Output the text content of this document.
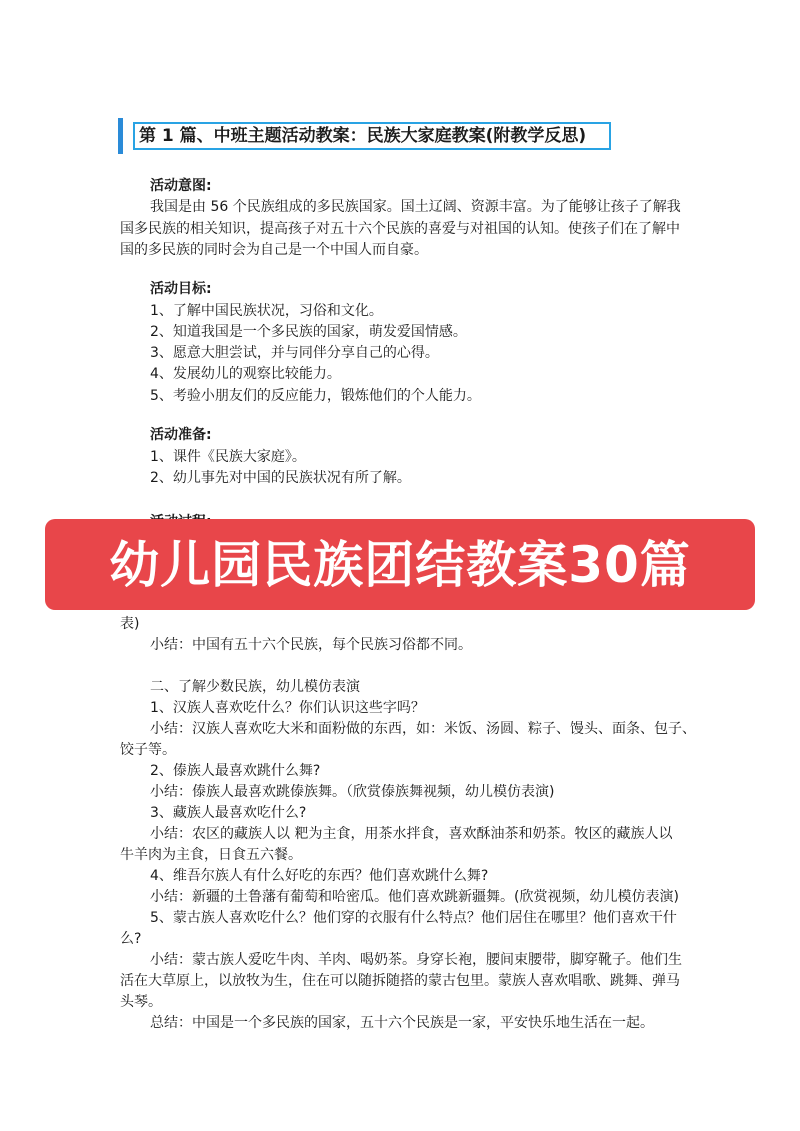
第 1 篇、中班主题活动教案：民族大家庭教案(附教学反思)
活动意图:
我国是由 56 个民族组成的多民族国家。国土辽阔、资源丰富。为了能够让孩子了解我
国多民族的相关知识，提高孩子对五十六个民族的喜爱与对祖国的认知。使孩子们在了解中
国的多民族的同时会为自己是一个中国人而自豪。
活动目标:
1、了解中国民族状况，习俗和文化。
2、知道我国是一个多民族的国家，萌发爱国情感。
3、愿意大胆尝试，并与同伴分享自己的心得。
4、发展幼儿的观察比较能力。
5、考验小朋友们的反应能力，锻炼他们的个人能力。
活动准备:
1、课件《民族大家庭》。
2、幼儿事先对中国的民族状况有所了解。
幼儿园民族团结教案30篇
表)
小结：中国有五十六个民族，每个民族习俗都不同。
二、了解少数民族，幼儿模仿表演
1、汉族人喜欢吃什么？你们认识这些字吗？
小结：汉族人喜欢吃大米和面粉做的东西，如：米饭、汤圆、粽子、馒头、面条、包子、
饺子等。
2、傣族人最喜欢跳什么舞?
小结：傣族人最喜欢跳傣族舞。（欣赏傣族舞视频，幼儿模仿表演)
3、藏族人最喜欢吃什么?
小结：农区的藏族人以 粑为主食，用茶水拌食，喜欢酥油茶和奶茶。牧区的藏族人以
牛羊肉为主食，日食五六餐。
4、维吾尔族人有什么好吃的东西？他们喜欢跳什么舞?
小结：新疆的土鲁藩有葡萄和哈密瓜。他们喜欢跳新疆舞。(欣赏视频，幼儿模仿表演)
5、蒙古族人喜欢吃什么？他们穿的衣服有什么特点？他们居住在哪里？他们喜欢干什
么?
小结：蒙古族人爱吃牛肉、羊肉、喝奶茶。身穿长袍，腰间束腰带，脚穿靴子。他们生
活在大草原上，以放牧为生，住在可以随拆随搭的蒙古包里。蒙族人喜欢唱歌、跳舞、弹马
头琴。
总结：中国是一个多民族的国家，五十六个民族是一家，平安快乐地生活在一起。
